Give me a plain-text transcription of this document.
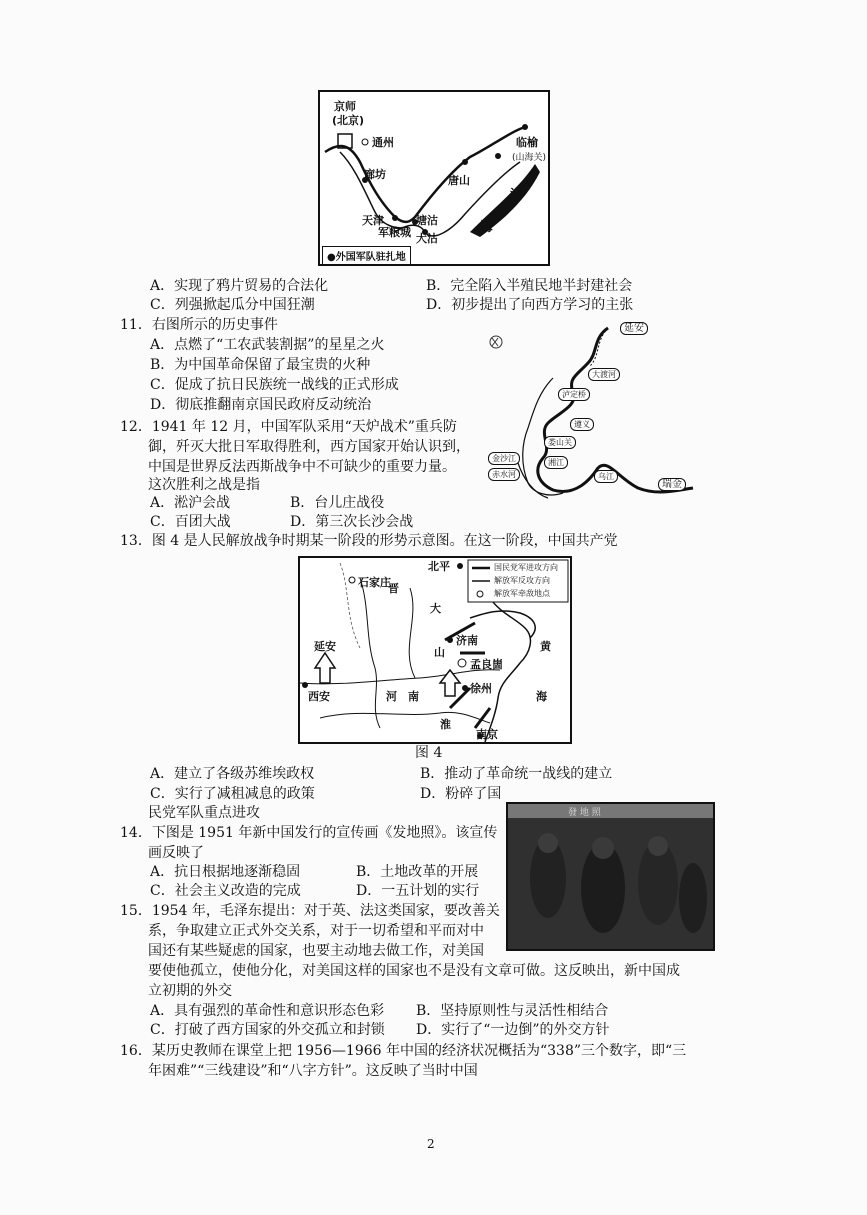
京师
(北京)
通州
廊坊	唐山
临榆
(山海关)
渤
海
天津	塘沽
军粮城 大沽
●外国军队驻扎地
A．实现了鸦片贸易的合法化	B．完全陷入半殖民地半封建社会
C．列强掀起瓜分中国狂潮	D．初步提出了向西方学习的主张
11．右图所示的历史事件
A．点燃了“工农武装割据”的星星之火
B．为中国革命保留了最宝贵的火种
C．促成了抗日民族统一战线的正式形成
D．彻底推翻南京国民政府反动统治
延安
大渡河
泸定桥
遵义
娄山关
金沙江	湘江
赤水河	乌江
瑞金
12．1941 年 12 月，中国军队采用“天炉战术”重兵防
御，歼灭大批日军取得胜利，西方国家开始认识到，
中国是世界反法西斯战争中不可缺少的重要力量。
这次胜利之战是指
A．淞沪会战	B．台儿庄战役
C．百团大战	D．第三次长沙会战
13．图 4 是人民解放战争时期某一阶段的形势示意图。在这一阶段，中国共产党
国民党军进攻方向
解放军反攻方向
解放军牵敌地点
北平
晋
石家庄
大
延安	济南
山
孟良崮
黄
河 南
徐州
海
西安
淮
南京
图 4
A．建立了各级苏维埃政权	B．推动了革命统一战线的建立
C．实行了减租减息的政策	D．粉碎了国
民党军队重点进攻
14．下图是 1951 年新中国发行的宣传画《发地照》。该宣传
画反映了
A．抗日根据地逐渐稳固	B．土地改革的开展
C．社会主义改造的完成	D．一五计划的实行
發 地 照
15．1954 年，毛泽东提出：对于英、法这类国家，要改善关
系，争取建立正式外交关系，对于一切希望和平而对中
国还有某些疑虑的国家，也要主动地去做工作，对美国
要使他孤立，使他分化，对美国这样的国家也不是没有文章可做。这反映出，新中国成
立初期的外交
A．具有强烈的革命性和意识形态色彩 B．坚持原则性与灵活性相结合
C．打破了西方国家的外交孤立和封锁 D．实行了“一边倒”的外交方针
16．某历史教师在课堂上把 1956—1966 年中国的经济状况概括为“338”三个数字，即“三
年困难”“三线建设”和“八字方针”。这反映了当时中国
2
